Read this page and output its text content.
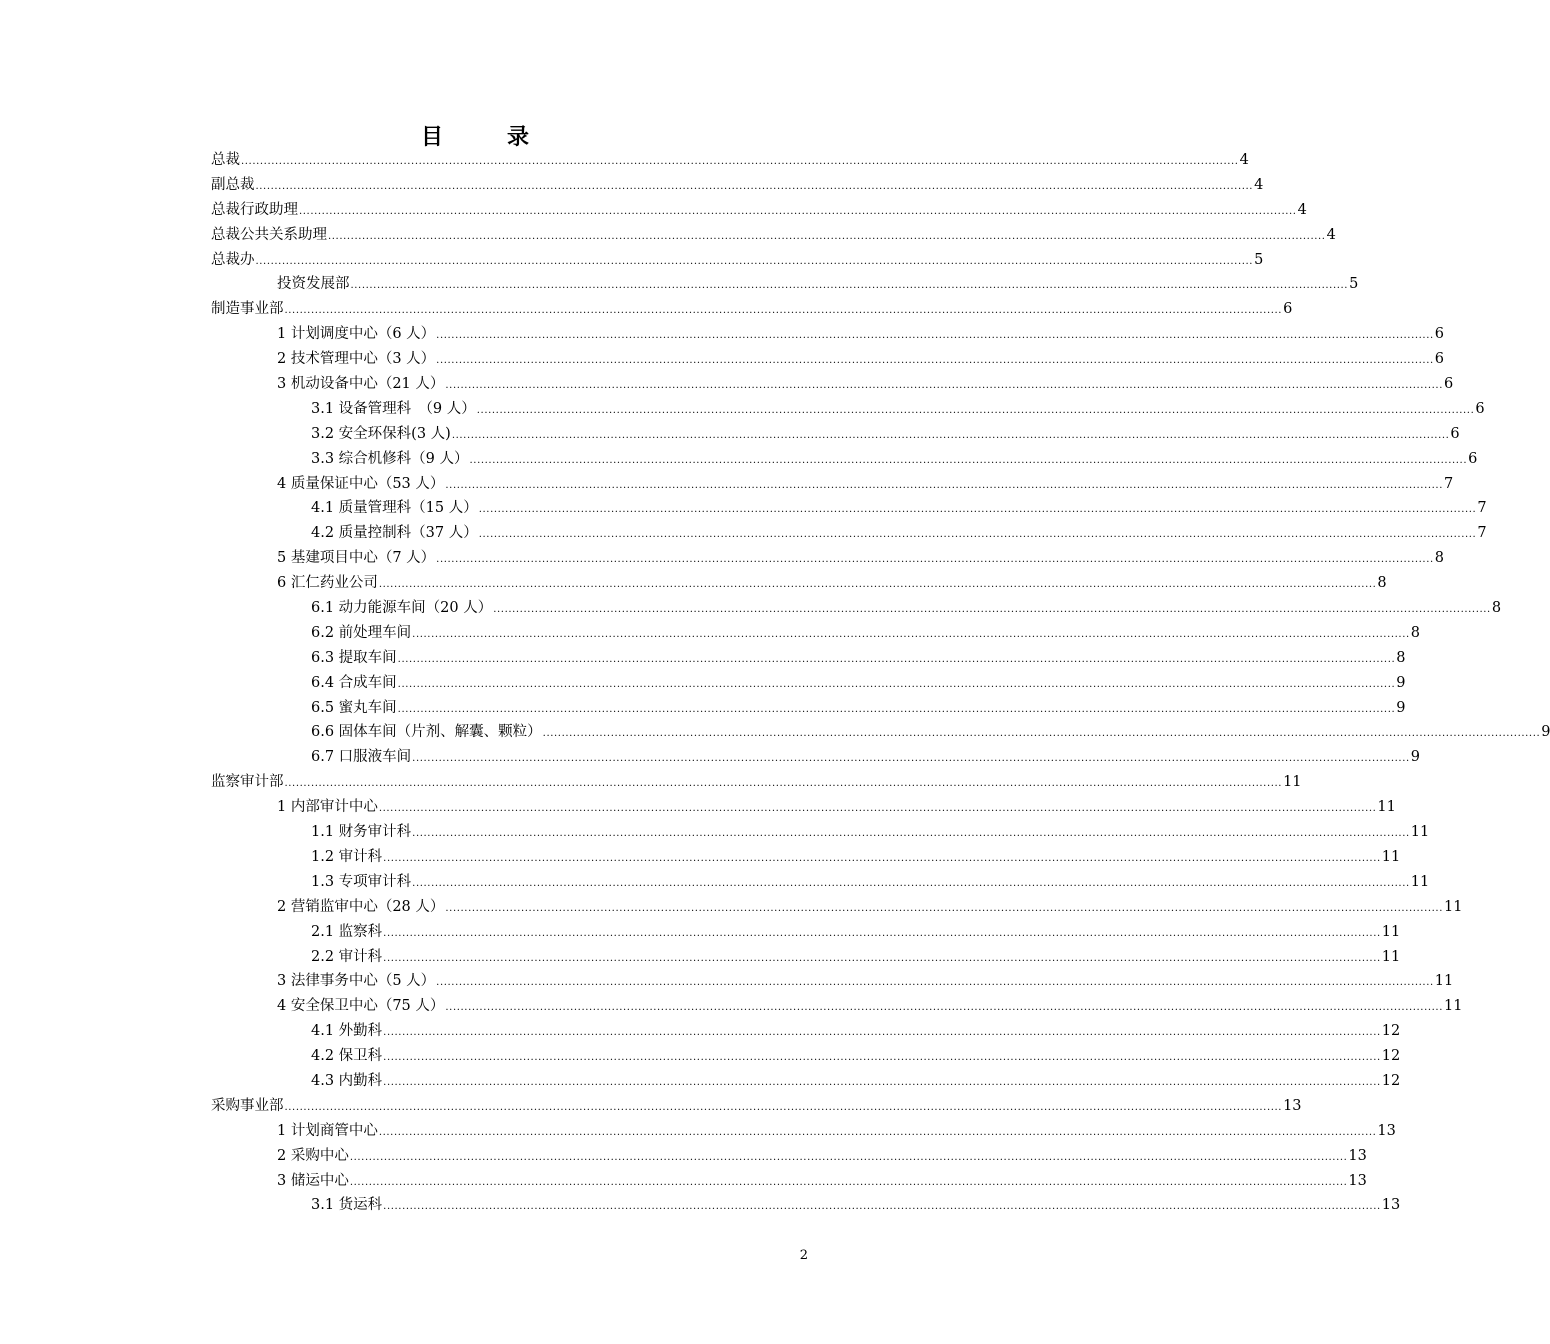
目	录
总裁 .....	4
副总裁 .....	4
总裁行政助理 .....	4
总裁公共关系助理 .....	4
总裁办 .....	5
投资发展部 .....	5
制造事业部 .....	6
1 计划调度中心（6 人） .....	6
2 技术管理中心（3 人） .....	6
3 机动设备中心（21 人） .....	6
3.1 设备管理科　（9 人） .....	6
3.2 安全环保科(3 人) .....	6
3.3 综合机修科（9 人） .....	6
4 质量保证中心（53 人） .....	7
4.1 质量管理科（15 人） .....	7
4.2 质量控制科（37 人） .....	7
5 基建项目中心（7 人） .....	8
6 汇仁药业公司 .....	8
6.1 动力能源车间（20 人） .....	8
6.2 前处理车间 .....	8
6.3 提取车间 .....	8
6.4 合成车间 .....	9
6.5 蜜丸车间 .....	9
6.6 固体车间（片剂、解囊、颗粒） .....	9
6.7 口服液车间 .....	9
监察审计部 .....	11
1 内部审计中心 .....	11
1.1 财务审计科 .....	11
1.2 审计科 .....	11
1.3 专项审计科 .....	11
2 营销监审中心（28 人） .....	11
2.1 监察科 .....	11
2.2 审计科 .....	11
3 法律事务中心（5 人） .....	11
4 安全保卫中心（75 人） .....	11
4.1 外勤科 .....	12
4.2 保卫科 .....	12
4.3 内勤科 .....	12
采购事业部 .....	13
1 计划商管中心 .....	13
2 采购中心 .....	13
3 储运中心 .....	13
3.1 货运科 .....	13
2
